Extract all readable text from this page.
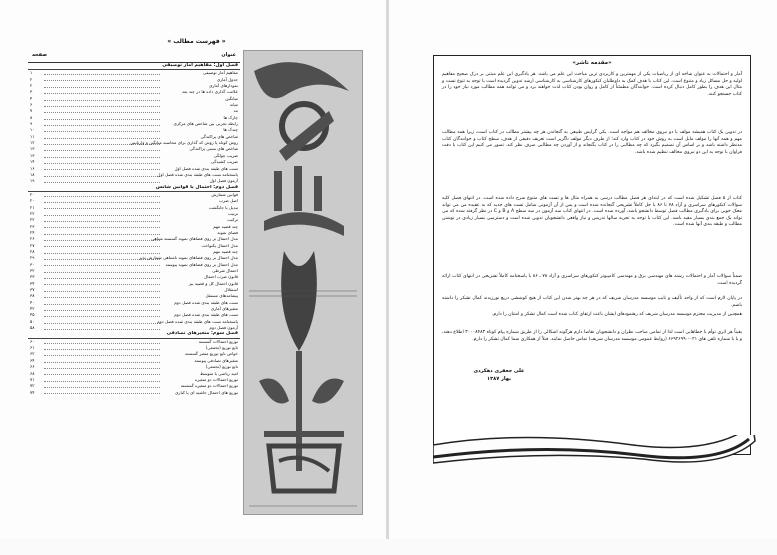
« فهرست مطالب »
صفحه	عنوان
فصل اول: مفاهیم آمار توصیفی
۱	مفاهیم آمار توصیفی
۲	جدول آماری
۲	نمودارهای آماری
۳	علامت گذاری داده ها در چند بعد
۴	میانگین
۶	میانه
۷	مد
۸	چارک ها
۹	رابطه تجربی بین شاخص های مرکزی
۱۰	چندک ها
۱۱	شاخص های پراکندگی
۱۲	روش کوتاه یا روش کد گذاری برای محاسبه میانگین و واریانس
۱۳	شاخص های نسبی پراکندگی
۱۳	ضریب چولگی
۱۴	ضریب کشیدگی
۱۶	تست های طبقه بندی شده فصل اول
۱۸	پاسخنامه تست های طبقه بندی شده فصل اول
۱۹	آزمون فصل اول
فصل دوم: احتمال یا قوانین شانس
۲۰	قوانین شمارش
۲۰	اصل ضرب
۲۱	تبدیل یا جایگشت
۲۲	ترتیب
۲۲	ترکیب
۲۳	چند قضیه مهم
۲۴	فضای نمونه
۲۶	مدل احتمال بر روی فضاهای نمونه گسسته متناهی
۲۷	مدل احتمال یکنواخت
۲۸	چند قضیه مهم
۲۹	مدل احتمال بر روی فضاهای نمونه نامتناهی شمارش پذیر
۳۰	مدل احتمال بر روی فضاهای نمونه پیوسته
۳۲	احتمال شرطی
۳۳	قانون ضرب احتمال
۳۴	قانون احتمال کل و قضیه بیز
۳۷	استقلال
۳۸	پیشامدهای مستقل
۴۰	تست های طبقه بندی شده فصل دوم
۴۲	متغیرهای آماری
۴۵	تست های طبقه بندی شده فصل دوم
۵۰	پاسخنامه تست های طبقه بندی شده فصل دوم
۵۸	آزمون فصل دوم
فصل سوم: متغیرهای تصادفی
۶۰	توزیع احتمالات گسسته
۶۱	تابع توزیع (تجمعی)
۶۲	خواص تابع توزیع متغیر گسسته
۶۴	متغیرهای تصادفی پیوسته
۶۶	تابع توزیع (تجمعی)
۶۸	امید ریاضی یا متوسط
۷۱	توزیع احتمالات دو متغیره
۷۲	توزیع احتمالات دو متغیره گسسته
۷۴	توزیع های احتمال حاشیه ای یا کناری
«مقدمه ناشر»
آمار و احتمالات به عنوان شاخه ای از ریاضیات یکی از مهمترین و کاربردی ترین مباحث این علم می باشد. هر یادگیری این علم مبتنی بر درک صحیح مفاهیم اولیه و حل مسائل زیاد و متنوع است. این کتاب با هدف کمک به داوطلبان کنکورهای کارشناسی به کارشناسی ارشد تدوین گردیده است با توجه به تنوع تست و مثال این هدف را بطور کامل دنبال کرده است. خوانندگان مطمئناً از کامل و روان بودن کتاب لذت خواهند برد و می توانند همه مطالب مورد نیاز خود را در کتاب جستجو کنند.
در تدوین یک کتاب همیشه مولف با دو نیروی مخالف هم مواجه است. یکی گرایش طبیعی به گنجاندن هر چه بیشتر مطالب در کتاب است، زیرا همه مطالب مهم و همه آنها را مولف مایل است به روش خود در کتاب وارد کند؛ از طرف دیگر مولف ناگزیر است تعریف دقیقی از هدف، سطح کتاب و خوانندگان کتاب مدنظر داشته باشد و بر اساس آن تصمیم بگیرد که چه مطالبی را در کتاب بگنجاند و از آوردن چه مطالبی صرف نظر کند. تصور می کنیم این کتاب با دقت فراوان با توجه به این دو نیروی مخالف تنظیم شده باشد.
کتاب از ۵ فصل تشکیل شده است که در ابتدای هر فصل مطالب درسی به همراه مثال ها و تست های متنوع شرح داده شده است. در انتهای فصل کلیه سوالات کنکورهای سراسری و آزاد ۷۸ تا ۸۶ با حل کاملاً تشریحی گنجانده شده است و پس از آن آزمونی شامل تست های جدید که به عقیده من می تواند محک خوبی برای یادگیری مطالب فصل توسط دانشجو باشد، آورده شده است. در انتهای کتاب سه آزمون در سه سطح A و B و C در نظر گرفته شده که می تواند یک جمع بندی بسیار مفید باشد. این کتاب با توجه به تجربه سالها تدریس و نیاز واقعی دانشجویان تدوین شده است و دسترسی بسیار زیادی در نوشتن مطالب و طبقه بندی آنها شده است.
ضمناً سوالات آمار و احتمالات رشته های مهندسی برق و مهندسی کامپیوتر کنکورهای سراسری و آزاد ۷۸ ـ ۸۶ با پاسخنامه کاملاً تشریحی در انتهای کتاب ارائه گردیده است.
در پایان لازم است که از واحد تألیف و تایپ موسسه مدرسان شریف که در هر چه بهتر شدن این کتاب از هیچ کوششی دریغ نورزیدند کمال تشکر را داشته باشم.
همچنین از مدیریت محترم موسسه مدرسان شریف که رهنمودهای ایشان باعث ارتقای کتاب شده است کمال تشکر و امتنان را دارم.
یقیناً هر اثری توأم با خطاهایی است لذا از تمامی صاحب نظران و دانشجویان تقاضا دارم هرگونه اشکالی را از طریق شماره پیام کوتاه ۳۰۰۰۸۴۸۳ اطلاع دهند، و یا با شماره تلفن های ۰۲۱-۶۶۹۲۶۹۹۰ (روابط عمومی موسسه مدرسان شریف) تماس حاصل نمایند. قبلاً از همکاری شما کمال تشکر را دارم.
علی جعفری دهکردی
بهار ۱۳۸۷
